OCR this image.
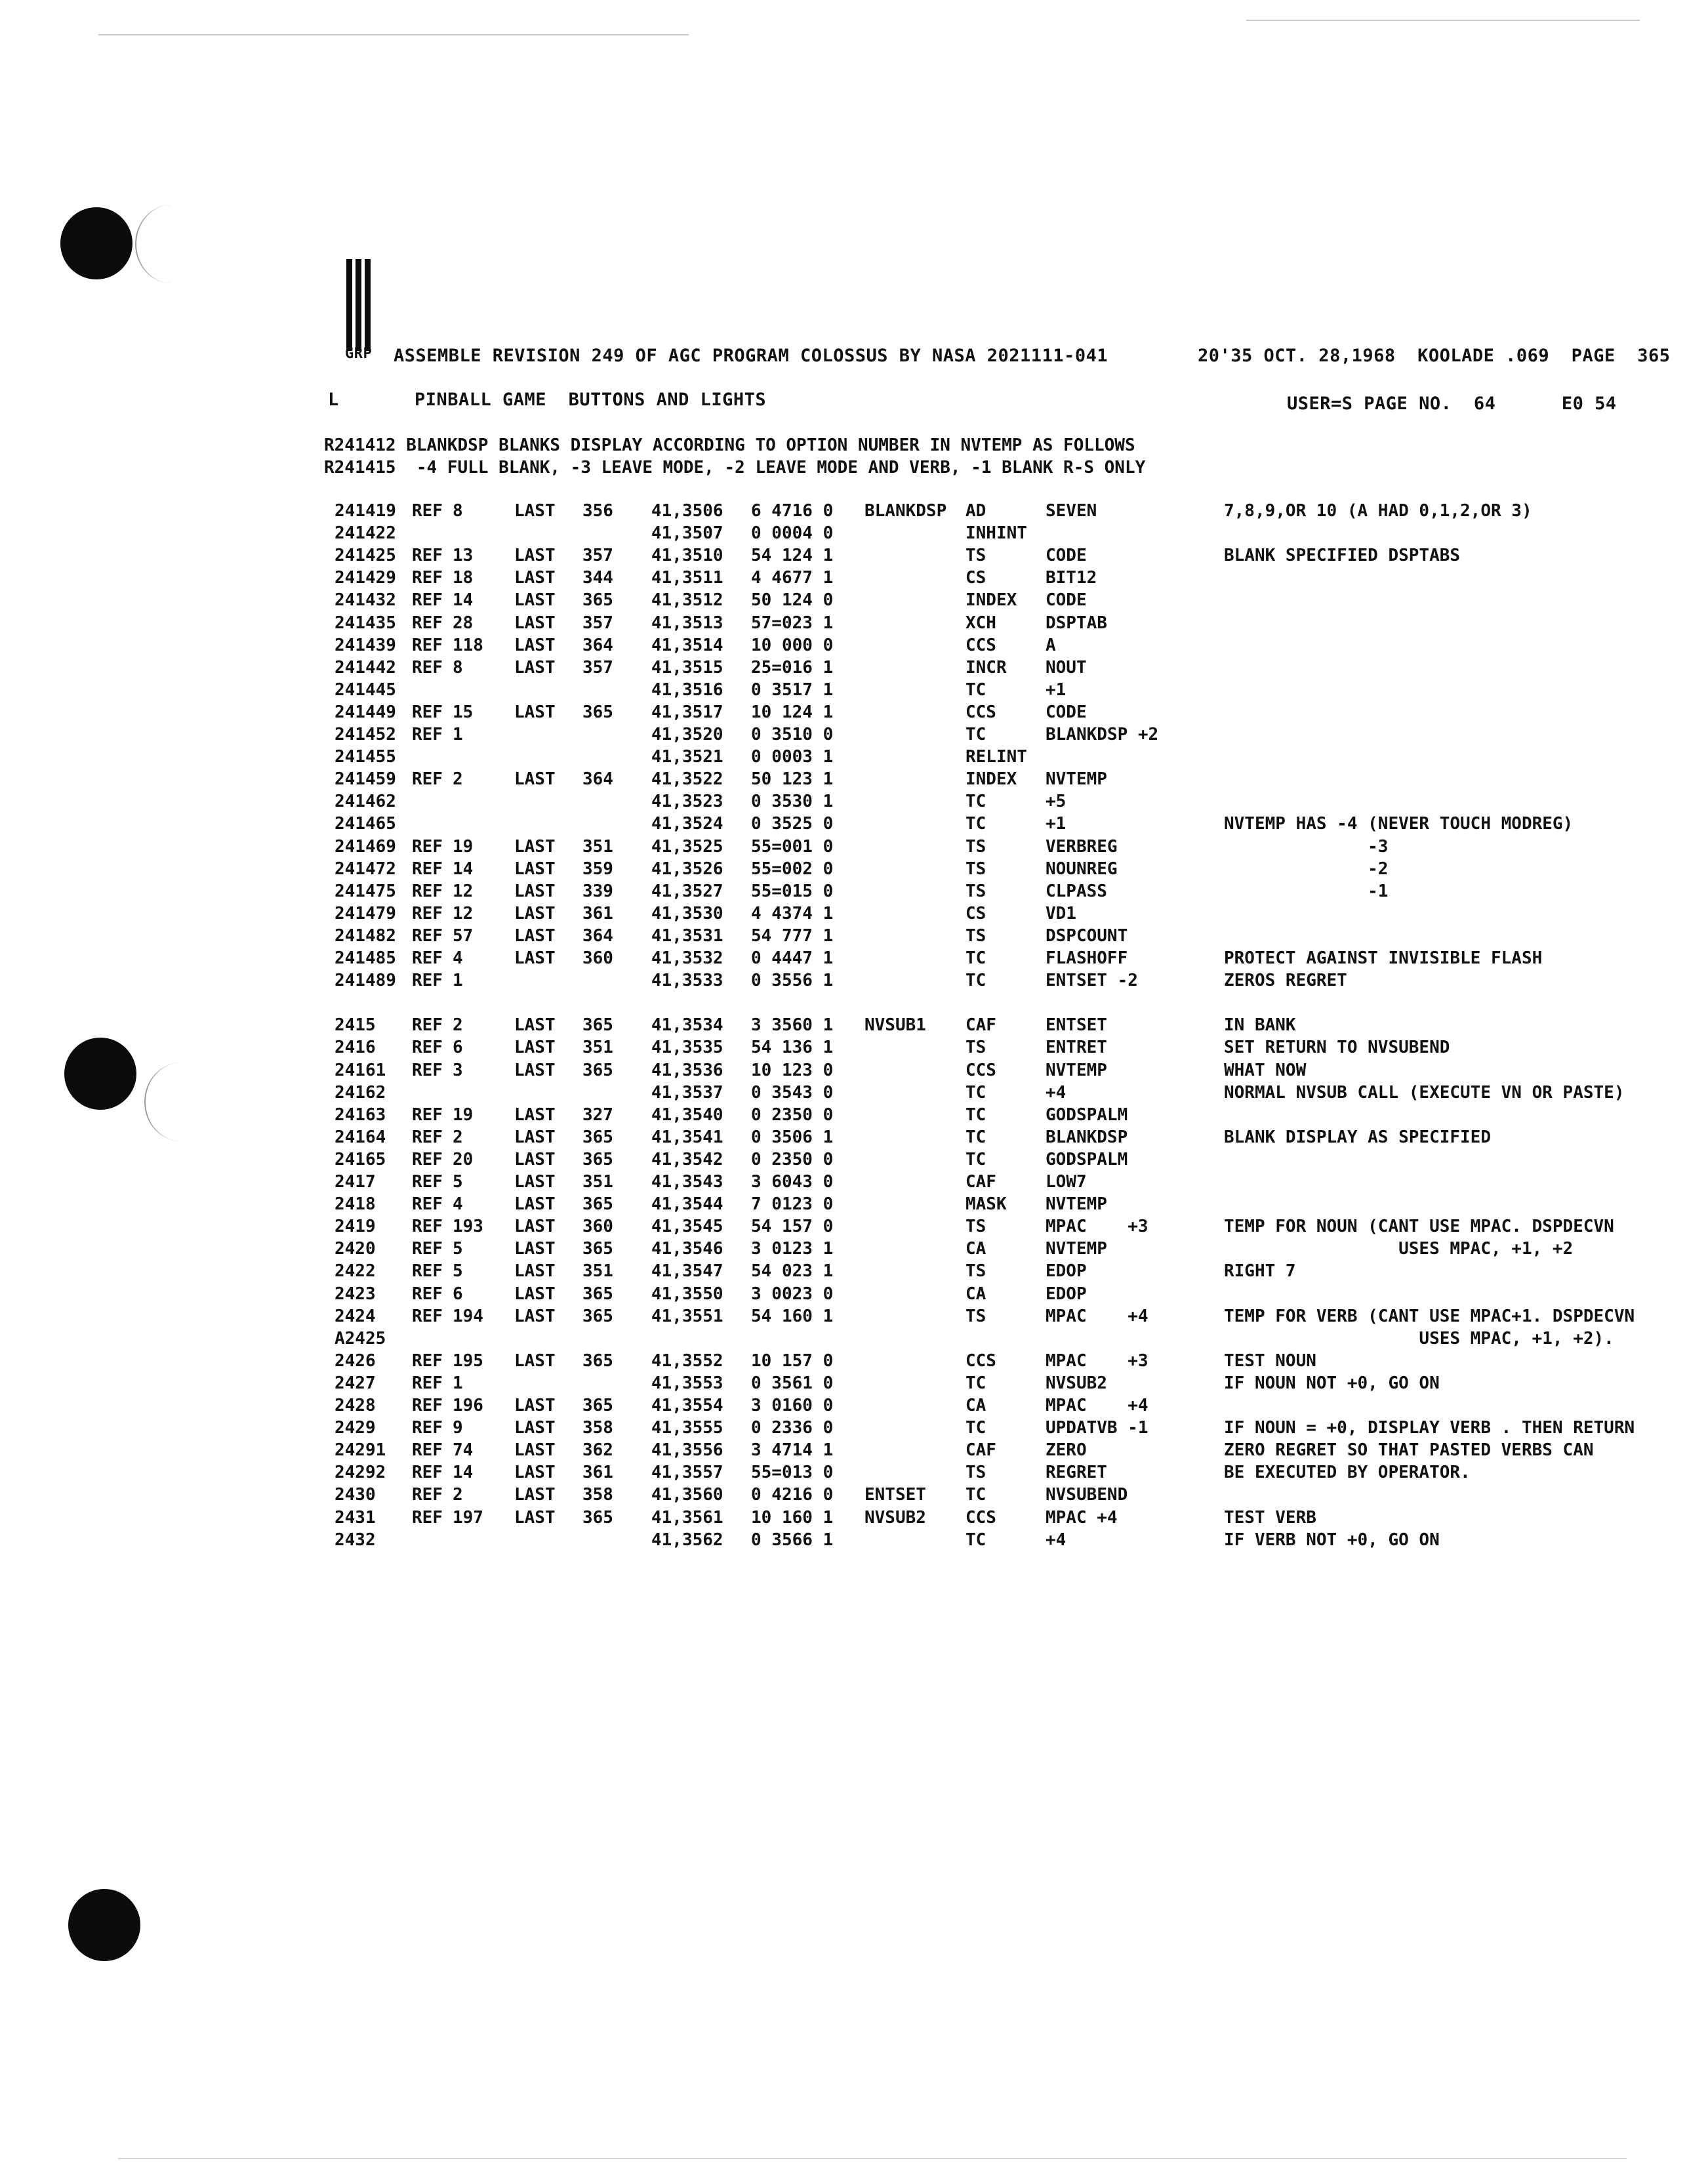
GRP ASSEMBLE REVISION 249 OF AGC PROGRAM COLOSSUS BY NASA 2021111-041	20'35 OCT. 28,1968  KOOLADE .069  PAGE  365
L	PINBALL GAME  BUTTONS AND LIGHTS	USER=S PAGE NO.  64      E0 54
R241412 BLANKDSP BLANKS DISPLAY ACCORDING TO OPTION NUMBER IN NVTEMP AS FOLLOWS
R241415  -4 FULL BLANK, -3 LEAVE MODE, -2 LEAVE MODE AND VERB, -1 BLANK R-S ONLY
241419 REF 8	LAST 356 41,3506 6 4716 0 BLANKDSP AD	SEVEN	7,8,9,OR 10 (A HAD 0,1,2,OR 3)
241422	41,3507 0 0004 0	INHINT
241425 REF 13 LAST 357 41,3510 54 124 1	TS	CODE	BLANK SPECIFIED DSPTABS
241429 REF 18 LAST 344 41,3511 4 4677 1	CS	BIT12
241432 REF 14 LAST 365 41,3512 50 124 0	INDEX CODE
241435 REF 28 LAST 357 41,3513 57=023 1	XCH	DSPTAB
241439 REF 118 LAST 364 41,3514 10 000 0	CCS	A
241442 REF 8	LAST 357 41,3515 25=016 1	INCR NOUT
241445	41,3516 0 3517 1	TC	+1
241449 REF 15 LAST 365 41,3517 10 124 1	CCS	CODE
241452 REF 1	41,3520 0 3510 0	TC	BLANKDSP +2
241455	41,3521 0 0003 1	RELINT
241459 REF 2	LAST 364 41,3522 50 123 1	INDEX NVTEMP
241462	41,3523 0 3530 1	TC	+5
241465	41,3524 0 3525 0	TC	+1	NVTEMP HAS -4 (NEVER TOUCH MODREG)
241469 REF 19 LAST 351 41,3525 55=001 0	TS	VERBREG	-3
241472 REF 14 LAST 359 41,3526 55=002 0	TS	NOUNREG	-2
241475 REF 12 LAST 339 41,3527 55=015 0	TS	CLPASS	-1
241479 REF 12 LAST 361 41,3530 4 4374 1	CS	VD1
241482 REF 57 LAST 364 41,3531 54 777 1	TS	DSPCOUNT
241485 REF 4	LAST 360 41,3532 0 4447 1	TC	FLASHOFF	PROTECT AGAINST INVISIBLE FLASH
241489 REF 1	41,3533 0 3556 1	TC	ENTSET -2	ZEROS REGRET
2415 REF 2	LAST 365 41,3534 3 3560 1 NVSUB1 CAF	ENTSET	IN BANK
2416 REF 6	LAST 351 41,3535 54 136 1	TS	ENTRET	SET RETURN TO NVSUBEND
24161 REF 3	LAST 365 41,3536 10 123 0	CCS	NVTEMP	WHAT NOW
24162	41,3537 0 3543 0	TC	+4	NORMAL NVSUB CALL (EXECUTE VN OR PASTE)
24163 REF 19 LAST 327 41,3540 0 2350 0	TC	GODSPALM
24164 REF 2	LAST 365 41,3541 0 3506 1	TC	BLANKDSP	BLANK DISPLAY AS SPECIFIED
24165 REF 20 LAST 365 41,3542 0 2350 0	TC	GODSPALM
2417 REF 5	LAST 351 41,3543 3 6043 0	CAF	LOW7
2418 REF 4	LAST 365 41,3544 7 0123 0	MASK NVTEMP
2419 REF 193 LAST 360 41,3545 54 157 0	TS	MPAC    +3	TEMP FOR NOUN (CANT USE MPAC. DSPDECVN
2420 REF 5	LAST 365 41,3546 3 0123 1	CA	NVTEMP	USES MPAC, +1, +2
2422 REF 5	LAST 351 41,3547 54 023 1	TS	EDOP	RIGHT 7
2423 REF 6	LAST 365 41,3550 3 0023 0	CA	EDOP
2424 REF 194 LAST 365 41,3551 54 160 1	TS	MPAC    +4	TEMP FOR VERB (CANT USE MPAC+1. DSPDECVN
A2425	USES MPAC, +1, +2).
2426 REF 195 LAST 365 41,3552 10 157 0	CCS	MPAC    +3	TEST NOUN
2427 REF 1	41,3553 0 3561 0	TC	NVSUB2	IF NOUN NOT +0, GO ON
2428 REF 196 LAST 365 41,3554 3 0160 0	CA	MPAC    +4
2429 REF 9	LAST 358 41,3555 0 2336 0	TC	UPDATVB -1	IF NOUN = +0, DISPLAY VERB . THEN RETURN
24291 REF 74 LAST 362 41,3556 3 4714 1	CAF	ZERO	ZERO REGRET SO THAT PASTED VERBS CAN
24292 REF 14 LAST 361 41,3557 55=013 0	TS	REGRET	BE EXECUTED BY OPERATOR.
2430 REF 2	LAST 358 41,3560 0 4216 0 ENTSET TC	NVSUBEND
2431 REF 197 LAST 365 41,3561 10 160 1 NVSUB2 CCS	MPAC +4	TEST VERB
2432	41,3562 0 3566 1	TC	+4	IF VERB NOT +0, GO ON
